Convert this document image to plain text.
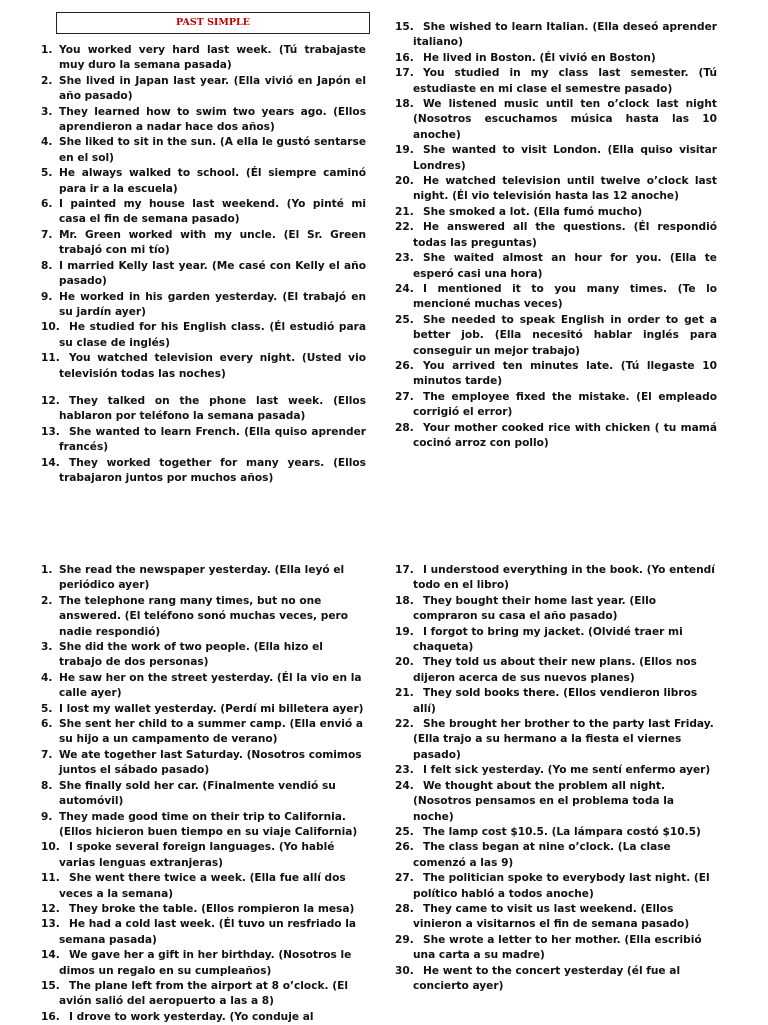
PAST SIMPLE
1. You worked very hard last week. (Tú trabajaste muy duro la semana pasada)
2. She lived in Japan last year. (Ella vivió en Japón el año pasado)
3. They learned how to swim two years ago. (Ellos aprendieron a nadar hace dos años)
4. She liked to sit in the sun. (A ella le gustó sentarse en el sol)
5. He always walked to school. (Él siempre caminó para ir a la escuela)
6. I painted my house last weekend. (Yo pinté mi casa el fin de semana pasado)
7. Mr. Green worked with my uncle. (El Sr. Green trabajó con mi tío)
8. I married Kelly last year. (Me casé con Kelly el año pasado)
9. He worked in his garden yesterday. (El trabajó en su jardín ayer)
10. He studied for his English class. (Él estudió para su clase de inglés)
11. You watched television every night. (Usted vio televisión todas las noches)
12. They talked on the phone last week. (Ellos hablaron por teléfono la semana pasada)
13. She wanted to learn French. (Ella quiso aprender francés)
14. They worked together for many years. (Ellos trabajaron juntos por muchos años)
15. She wished to learn Italian. (Ella deseó aprender italiano)
16. He lived in Boston. (Él vivió en Boston)
17. You studied in my class last semester. (Tú estudiaste en mi clase el semestre pasado)
18. We listened music until ten o’clock last night (Nosotros escuchamos música hasta las 10 anoche)
19. She wanted to visit London. (Ella quiso visitar Londres)
20. He watched television until twelve o’clock last night. (Él vio televisión hasta las 12 anoche)
21. She smoked a lot. (Ella fumó mucho)
22. He answered all the questions. (Él respondió todas las preguntas)
23. She waited almost an hour for you. (Ella te esperó casi una hora)
24. I mentioned it to you many times. (Te lo mencioné muchas veces)
25. She needed to speak English in order to get a better job. (Ella necesitó hablar inglés para conseguir un mejor trabajo)
26. You arrived ten minutes late. (Tú llegaste 10 minutos tarde)
27. The employee fixed the mistake. (El empleado corrigió el error)
28. Your mother cooked rice with chicken ( tu mamá cocinó arroz con pollo)
1. She read the newspaper yesterday. (Ella leyó el periódico ayer)
2. The telephone rang many times, but no one answered. (El teléfono sonó muchas veces, pero nadie respondió)
3. She did the work of two people. (Ella hizo el trabajo de dos personas)
4. He saw her on the street yesterday. (Él la vio en la calle ayer)
5. I lost my wallet yesterday. (Perdí mi billetera ayer)
6. She sent her child to a summer camp. (Ella envió a su hijo a un campamento de verano)
7. We ate together last Saturday. (Nosotros comimos juntos el sábado pasado)
8. She finally sold her car. (Finalmente vendió su automóvil)
9. They made good time on their trip to California. (Ellos hicieron buen tiempo en su viaje California)
10. I spoke several foreign languages. (Yo hablé varias lenguas extranjeras)
11. She went there twice a week. (Ella fue allí dos veces a la semana)
12. They broke the table. (Ellos rompieron la mesa)
13. He had a cold last week. (Él tuvo un resfriado la semana pasada)
14. We gave her a gift in her birthday. (Nosotros le dimos un regalo en su cumpleaños)
15. The plane left from the airport at 8 o’clock. (El avión salió del aeropuerto a las a 8)
16. I drove to work yesterday. (Yo conduje al
17. I understood everything in the book. (Yo entendí todo en el libro)
18. They bought their home last year. (Ello compraron su casa el año pasado)
19. I forgot to bring my jacket. (Olvidé traer mi chaqueta)
20. They told us about their new plans. (Ellos nos dijeron acerca de sus nuevos planes)
21. They sold books there. (Ellos vendieron libros allí)
22. She brought her brother to the party last Friday. (Ella trajo a su hermano a la fiesta el viernes pasado)
23. I felt sick yesterday. (Yo me sentí enfermo ayer)
24. We thought about the problem all night. (Nosotros pensamos en el problema toda la noche)
25. The lamp cost $10.5. (La lámpara costó $10.5)
26. The class began at nine o’clock. (La clase comenzó a las 9)
27. The politician spoke to everybody last night. (El político habló a todos anoche)
28. They came to visit us last weekend. (Ellos vinieron a visitarnos el fin de semana pasado)
29. She wrote a letter to her mother. (Ella escribió una carta a su madre)
30. He went to the concert yesterday (él fue al concierto ayer)
